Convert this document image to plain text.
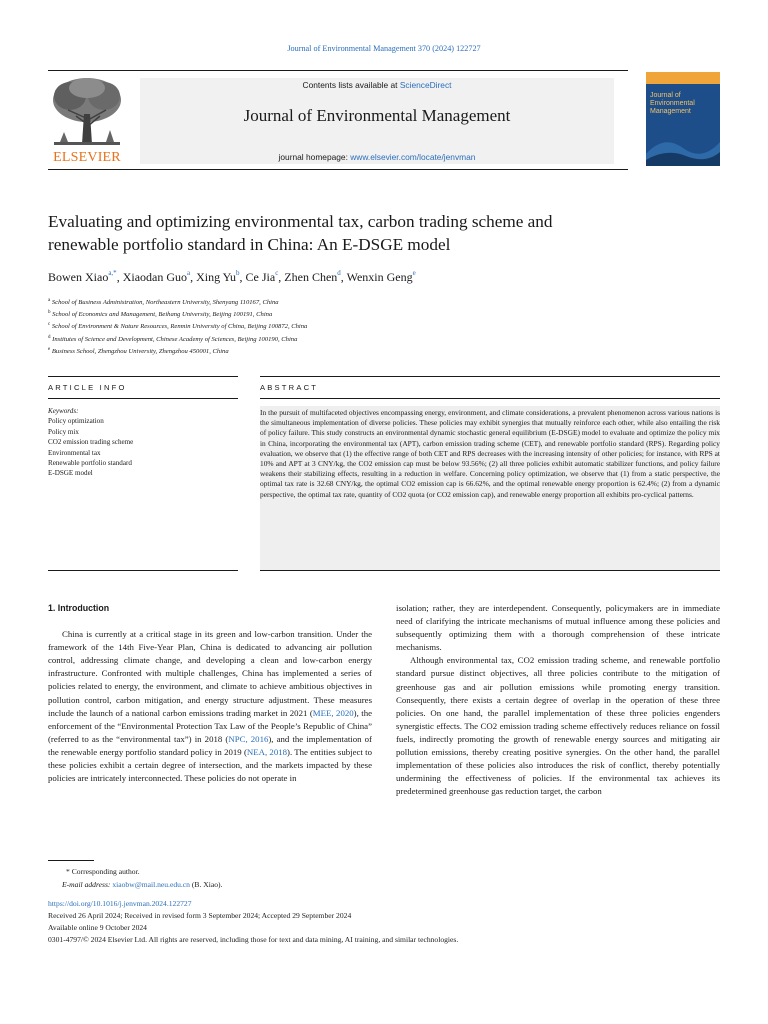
Journal of Environmental Management 370 (2024) 122727
ELSEVIER
Contents lists available at ScienceDirect
Journal of Environmental Management
journal homepage: www.elsevier.com/locate/jenvman
Journal of
Environmental Management
Evaluating and optimizing environmental tax, carbon trading scheme and
renewable portfolio standard in China: An E-DSGE model
Bowen Xiao$^{a,*}$, Xiaodan Guo$^a$, Xing Yu$^b$, Ce Jia$^c$, Zhen Chen$^d$, Wenxin Geng$^e$
$^a$ School of Business Administration, Northeastern University, Shenyang 110167, China
$^b$ School of Economics and Management, Beihang University, Beijing 100191, China
$^c$ School of Environment & Nature Resources, Renmin University of China, Beijing 100872, China
$^d$ Institutes of Science and Development, Chinese Academy of Sciences, Beijing 100190, China
$^e$ Business School, Zhengzhou University, Zhengzhou 450001, China
ARTICLE INFO	ABSTRACT
Keywords:
Policy optimization
Policy mix
CO2 emission trading scheme
Environmental tax
Renewable portfolio standard
E-DSGE model

In the pursuit of multifaceted objectives encompassing energy, environment, and climate considerations, a prevalent phenomenon across various nations is the simultaneous implementation of diverse policies. These policies may exhibit synergies that mutually reinforce each other, while also entailing the risk of policy failure. This study constructs an environmental dynamic stochastic general equilibrium (E-DSGE) model to evaluate and optimize the policy mix in China, incorporating the environmental tax (APT), carbon emission trading scheme (CET), and renewable portfolio standard (RPS). Regarding policy evaluation, we observe that (1) the effective range of both CET and RPS decreases with the increasing intensity of other policies; for instance, with RPS at 10% and APT at 3 CNY/kg, the CO2 emission cap must be below 93.56%; (2) all three policies exhibit automatic stabilizer functions, and policy failure weakens their stabilizing effects, resulting in a reduction in welfare. Concerning policy optimization, we observe that (1) from a static perspective, the optimal tax rate is 32.68 CNY/kg, the optimal CO2 emission cap is 66.62%, and the optimal renewable energy proportion is 62.4%; (2) from a dynamic perspective, the optimal tax rate, quantity of CO2 quota (or CO2 emission cap), and renewable energy proportion all exhibits pro-cyclical patterns.

1. Introduction

China is currently at a critical stage in its green and low-carbon transition. Under the framework of the 14th Five-Year Plan, China is dedicated to advancing air pollution control, addressing climate change, and developing a clean and low-carbon energy infrastructure. Confronted with multiple challenges, China has implemented a series of policies related to energy, the environment, and climate to achieve ambitious objectives in pollution control, carbon mitigation, and energy structure adjustment. These measures include the launch of a national carbon emissions trading market in 2021 (MEE, 2020), the enforcement of the “Environmental Protection Tax Law of the People’s Republic of China” (referred to as the “environmental tax”) in 2018 (NPC, 2016), and the implementation of the renewable energy portfolio standard policy in 2019 (NEA, 2018). The entities subject to these policies exhibit a certain degree of intersection, and the markets impacted by these policies are intricately interconnected. These policies do not operate in

isolation; rather, they are interdependent. Consequently, policymakers are in immediate need of clarifying the intricate mechanisms of mutual influence among these policies and subsequently optimizing them with a thorough comprehension of these intricate mechanisms.

Although environmental tax, CO2 emission trading scheme, and renewable portfolio standard pursue distinct objectives, all three policies contribute to the mitigation of greenhouse gas and air pollution emissions while promoting energy transition. Consequently, there exists a certain degree of overlap in the operation of these three policies. On one hand, the parallel implementation of these three policies engenders synergistic effects. The CO2 emission trading scheme effectively reduces reliance on fossil fuels, indirectly promoting the growth of renewable energy sources and mitigating air pollution emissions, thereby creating positive synergies. On the other hand, the parallel implementation of these policies also introduces the risk of conflict, thereby potentially undermining the effectiveness of policies. If the environmental tax achieves its predetermined greenhouse gas reduction target, the carbon

* Corresponding author.
E-mail address: xiaobw@mail.neu.edu.cn (B. Xiao).
https://doi.org/10.1016/j.jenvman.2024.122727
Received 26 April 2024; Received in revised form 3 September 2024; Accepted 29 September 2024
Available online 9 October 2024
0301-4797/© 2024 Elsevier Ltd. All rights are reserved, including those for text and data mining, AI training, and similar technologies.
